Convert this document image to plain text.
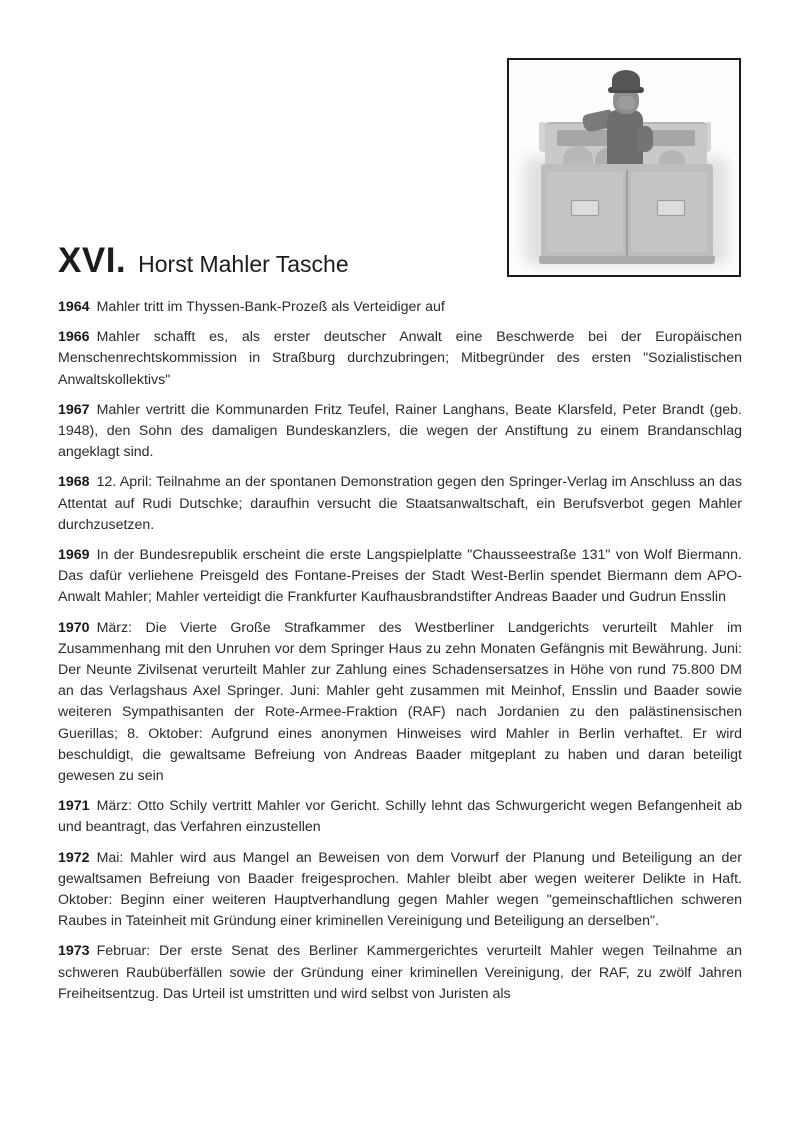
XVI. Horst Mahler Tasche

1964 Mahler tritt im Thyssen-Bank-Prozeß als Verteidiger auf

1966 Mahler schafft es, als erster deutscher Anwalt eine Beschwerde bei der Europäischen Menschenrechtskommission in Straßburg durchzubringen; Mitbegründer des ersten "Sozialistischen Anwaltskollektivs"

1967 Mahler vertritt die Kommunarden Fritz Teufel, Rainer Langhans, Beate Klarsfeld, Peter Brandt (geb. 1948), den Sohn des damaligen Bundeskanzlers, die wegen der Anstiftung zu einem Brandanschlag angeklagt sind.

1968 12. April: Teilnahme an der spontanen Demonstration gegen den Springer-Verlag im Anschluss an das Attentat auf Rudi Dutschke; daraufhin versucht die Staatsanwaltschaft, ein Berufsverbot gegen Mahler durchzusetzen.

1969 In der Bundesrepublik erscheint die erste Langspielplatte "Chausseestraße 131" von Wolf Biermann. Das dafür verliehene Preisgeld des Fontane-Preises der Stadt West-Berlin spendet Biermann dem APO-Anwalt Mahler; Mahler verteidigt die Frankfurter Kaufhausbrandstifter Andreas Baader und Gudrun Ensslin

1970 März: Die Vierte Große Strafkammer des Westberliner Landgerichts verurteilt Mahler im Zusammenhang mit den Unruhen vor dem Springer Haus zu zehn Monaten Gefängnis mit Bewährung. Juni: Der Neunte Zivilsenat verurteilt Mahler zur Zahlung eines Schadensersatzes in Höhe von rund 75.800 DM an das Verlagshaus Axel Springer. Juni: Mahler geht zusammen mit Meinhof, Ensslin und Baader sowie weiteren Sympathisanten der Rote-Armee-Fraktion (RAF) nach Jordanien zu den palästinensischen Guerillas; 8. Oktober: Aufgrund eines anonymen Hinweises wird Mahler in Berlin verhaftet. Er wird beschuldigt, die gewaltsame Befreiung von Andreas Baader mitgeplant zu haben und daran beteiligt gewesen zu sein

1971 März: Otto Schily vertritt Mahler vor Gericht. Schilly lehnt das Schwurgericht wegen Befangenheit ab und beantragt, das Verfahren einzustellen

1972 Mai: Mahler wird aus Mangel an Beweisen von dem Vorwurf der Planung und Beteiligung an der gewaltsamen Befreiung von Baader freigesprochen. Mahler bleibt aber wegen weiterer Delikte in Haft. Oktober: Beginn einer weiteren Hauptverhandlung gegen Mahler wegen "gemeinschaftlichen schweren Raubes in Tateinheit mit Gründung einer kriminellen Vereinigung und Beteiligung an derselben".

1973 Februar: Der erste Senat des Berliner Kammergerichtes verurteilt Mahler wegen Teilnahme an schweren Raubüberfällen sowie der Gründung einer kriminellen Vereinigung, der RAF, zu zwölf Jahren Freiheitsentzug. Das Urteil ist umstritten und wird selbst von Juristen als
